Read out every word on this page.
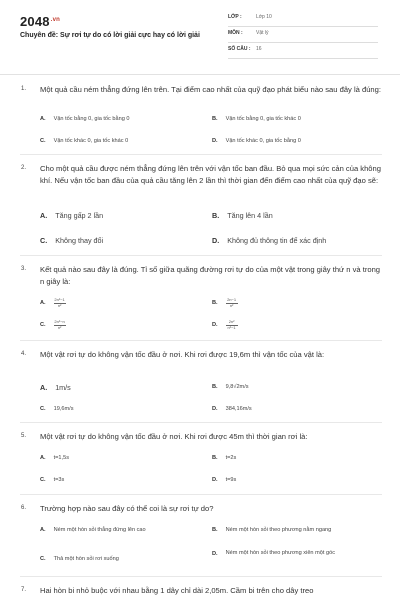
$2048^{.vn}$
Chuyên đề: Sự rơi tự do có lời giải cực hay có lời giải
LỚP :	Lớp 10
MÔN :	Vật lý
SỐ CÂU :	16
1. Một quả cầu ném thẳng đứng lên trên. Tại điểm cao nhất của quỹ đạo phát biểu nào sau đây là đúng:
A. Vận tốc bằng 0, gia tốc bằng 0	B. Vận tốc bằng 0, gia tốc khác 0
C. Vận tốc khác 0, gia tốc khác 0	D. Vận tốc khác 0, gia tốc bằng 0
2. Cho một quả cầu được ném thẳng đứng lên trên với vận tốc ban đầu. Bỏ qua mọi sức cản của không khí. Nếu vận tốc ban đầu của quả cầu tăng lên 2 lần thì thời gian đến điểm cao nhất của quỹ đạo sẽ:
A. Tăng gấp 2 lần	B. Tăng lên 4 lần
C. Không thay đổi	D. Không đủ thông tin để xác định
3. Kết quả nào sau đây là đúng. Tỉ số giữa quãng đường rơi tự do của một vật trong giây thứ n và trong n giây là:
A. $\frac{\text{2n²−1}}{\text{n²}}$	B. $\frac{2n-1}{\text{n²}}$
C. $\frac{\text{2n²−n}}{\text{n²}}$	D. $\frac{\text{2n²}}{\text{n²−1}}$
4. Một vật rơi tự do không vận tốc đầu ở nơi. Khi rơi được 19,6m thì vận tốc của vật là:
A. 1m/s	B. 9,8√2m/s
C. 19,6m/s	D. 384,16m/s
5. Một vật rơi tự do không vận tốc đầu ở nơi. Khi rơi được 45m thì thời gian rơi là:
A. t=1,5s	B. t=2s
C. t=3s	D. t=9s
6. Trường hợp nào sau đây có thể coi là sự rơi tự do?
A. Ném một hòn sỏi thẳng đứng lên cao	B. Ném một hòn sỏi theo phương nằm ngang
C. Thả một hòn sỏi rơi xuống
D. Ném một hòn sỏi theo phương xiên một góc
7. Hai hòn bi nhỏ buộc với nhau bằng 1 dây chỉ dài 2,05m. Cầm bi trên cho dây treo
